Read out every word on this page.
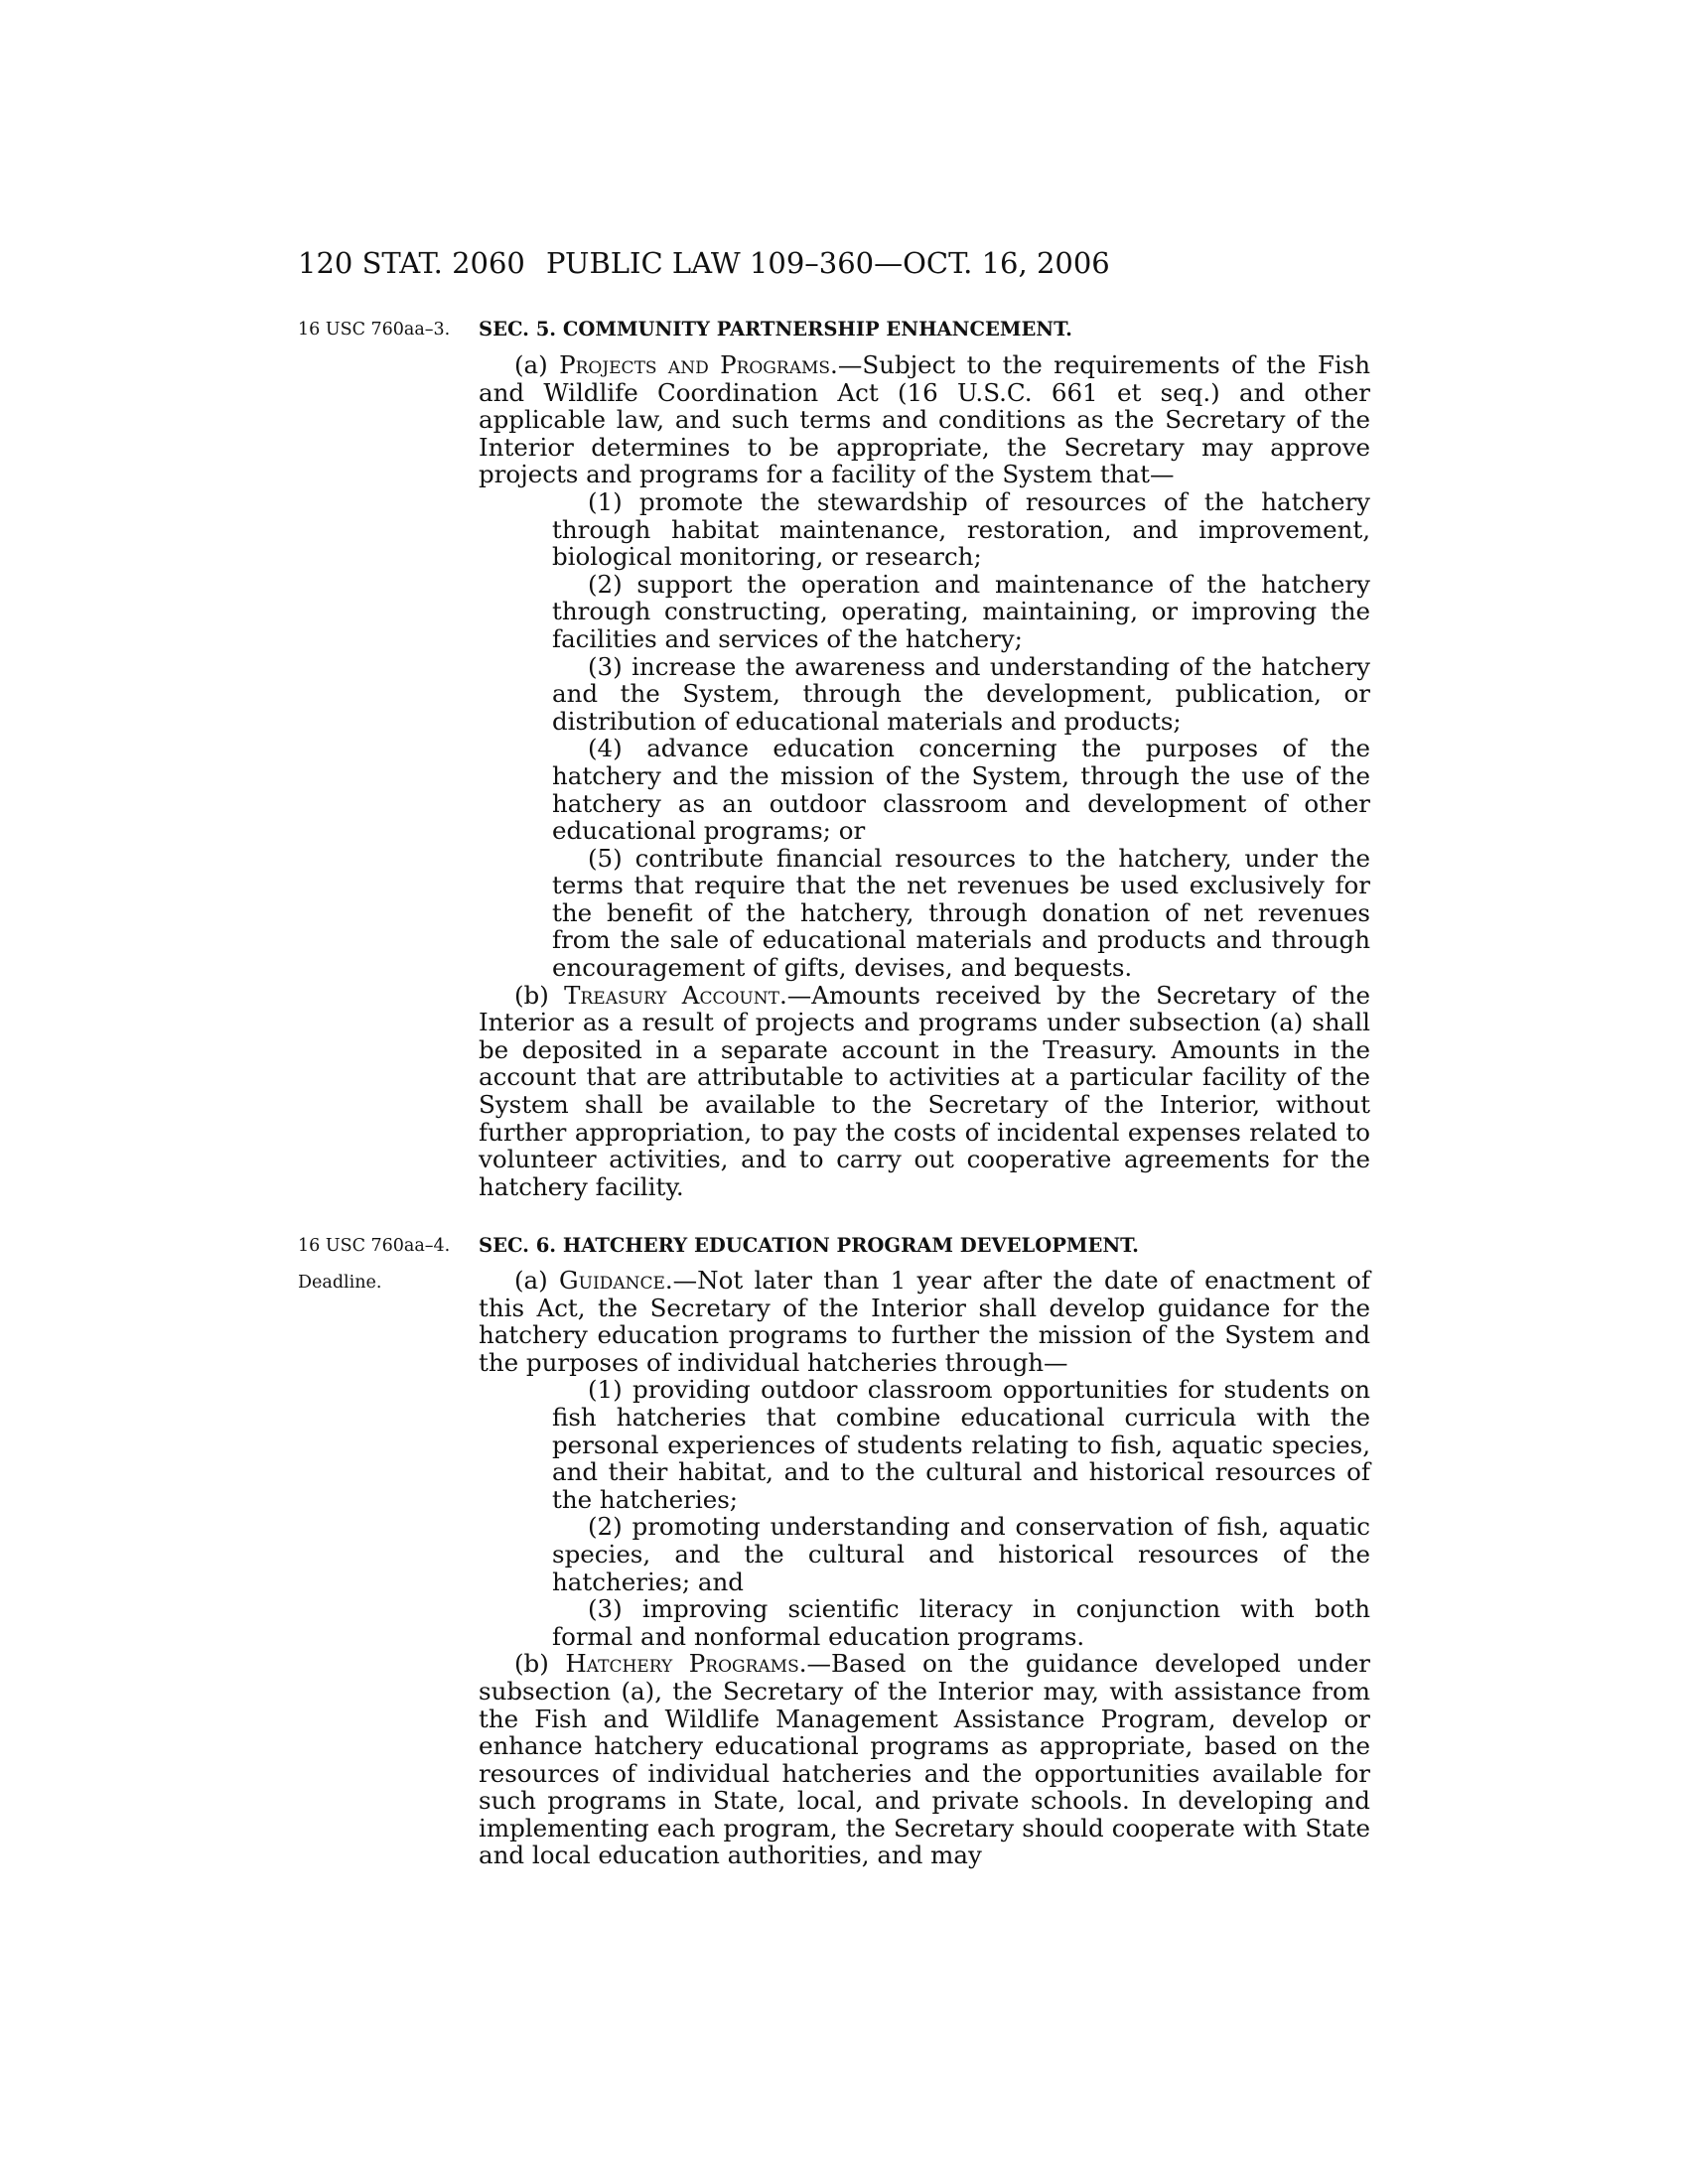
120 STAT. 2060 PUBLIC LAW 109–360—OCT. 16, 2006
16 USC 760aa–3. SEC. 5. COMMUNITY PARTNERSHIP ENHANCEMENT.

(a) Projects and Programs.—Subject to the requirements of the Fish and Wildlife Coordination Act (16 U.S.C. 661 et seq.) and other applicable law, and such terms and conditions as the Secretary of the Interior determines to be appropriate, the Secretary may approve projects and programs for a facility of the System that—

(1) promote the stewardship of resources of the hatchery through habitat maintenance, restoration, and improvement, biological monitoring, or research;

(2) support the operation and maintenance of the hatchery through constructing, operating, maintaining, or improving the facilities and services of the hatchery;

(3) increase the awareness and understanding of the hatchery and the System, through the development, publication, or distribution of educational materials and products;

(4) advance education concerning the purposes of the hatchery and the mission of the System, through the use of the hatchery as an outdoor classroom and development of other educational programs; or

(5) contribute financial resources to the hatchery, under the terms that require that the net revenues be used exclusively for the benefit of the hatchery, through donation of net revenues from the sale of educational materials and products and through encouragement of gifts, devises, and bequests.

(b) Treasury Account.—Amounts received by the Secretary of the Interior as a result of projects and programs under subsection (a) shall be deposited in a separate account in the Treasury. Amounts in the account that are attributable to activities at a particular facility of the System shall be available to the Secretary of the Interior, without further appropriation, to pay the costs of incidental expenses related to volunteer activities, and to carry out cooperative agreements for the hatchery facility.

16 USC 760aa–4. SEC. 6. HATCHERY EDUCATION PROGRAM DEVELOPMENT.
Deadline.	(a) Guidance.—Not later than 1 year after the date of enactment of this Act, the Secretary of the Interior shall develop guidance for the hatchery education programs to further the mission of the System and the purposes of individual hatcheries through—

(1) providing outdoor classroom opportunities for students on fish hatcheries that combine educational curricula with the personal experiences of students relating to fish, aquatic species, and their habitat, and to the cultural and historical resources of the hatcheries;

(2) promoting understanding and conservation of fish, aquatic species, and the cultural and historical resources of the hatcheries; and

(3) improving scientific literacy in conjunction with both formal and nonformal education programs.

(b) Hatchery Programs.—Based on the guidance developed under subsection (a), the Secretary of the Interior may, with assistance from the Fish and Wildlife Management Assistance Program, develop or enhance hatchery educational programs as appropriate, based on the resources of individual hatcheries and the opportunities available for such programs in State, local, and private schools. In developing and implementing each program, the Secretary should cooperate with State and local education authorities, and may
